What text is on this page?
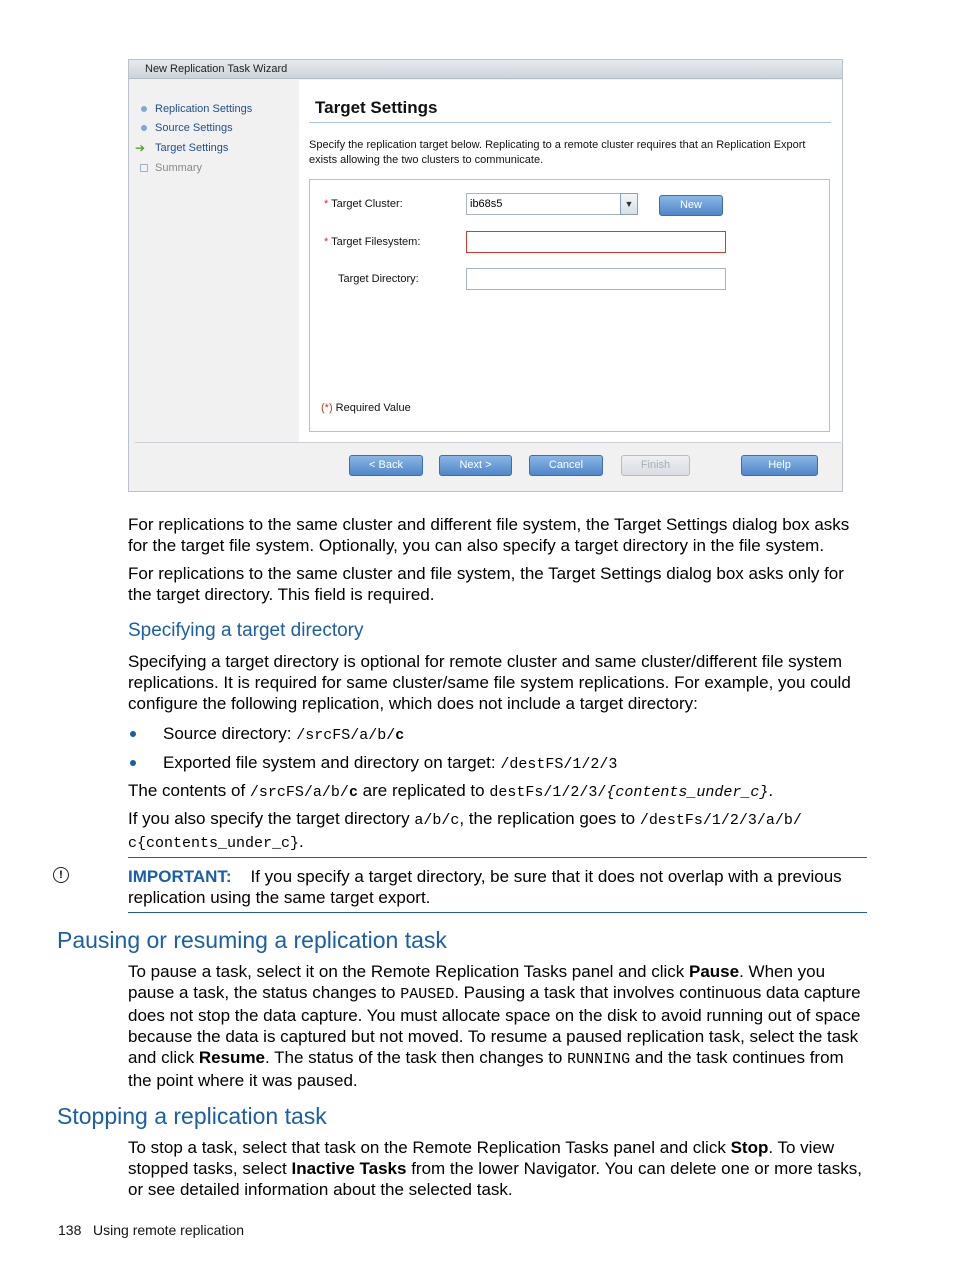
New Replication Task Wizard
Replication Settings
Source Settings
➔ Target Settings
Summary
Target Settings
Specify the replication target below. Replicating to a remote cluster requires that an Replication Export exists allowing the two clusters to communicate.
* Target Cluster:	ib68s5	▼	New
* Target Filesystem:
Target Directory:
(*) Required Value
< Back	Next >	Cancel	Finish	Help
For replications to the same cluster and different file system, the Target Settings dialog box asks for the target file system. Optionally, you can also specify a target directory in the file system.
For replications to the same cluster and file system, the Target Settings dialog box asks only for the target directory. This field is required.
Specifying a target directory
Specifying a target directory is optional for remote cluster and same cluster/different file system replications. It is required for same cluster/same file system replications. For example, you could configure the following replication, which does not include a target directory:
Source directory: /srcFS/a/b/c
Exported file system and directory on target: /destFS/1/2/3
The contents of /srcFS/a/b/c are replicated to destFs/1/2/3/{contents_under_c}.
If you also specify the target directory a/b/c, the replication goes to /destFs/1/2/3/a/b/
c{contents_under_c}.
!	IMPORTANT: If you specify a target directory, be sure that it does not overlap with a previous replication using the same target export.
Pausing or resuming a replication task
To pause a task, select it on the Remote Replication Tasks panel and click Pause. When you pause a task, the status changes to PAUSED. Pausing a task that involves continuous data capture does not stop the data capture. You must allocate space on the disk to avoid running out of space because the data is captured but not moved. To resume a paused replication task, select the task and click Resume. The status of the task then changes to RUNNING and the task continues from the point where it was paused.
Stopping a replication task
To stop a task, select that task on the Remote Replication Tasks panel and click Stop. To view stopped tasks, select Inactive Tasks from the lower Navigator. You can delete one or more tasks, or see detailed information about the selected task.
138 Using remote replication
